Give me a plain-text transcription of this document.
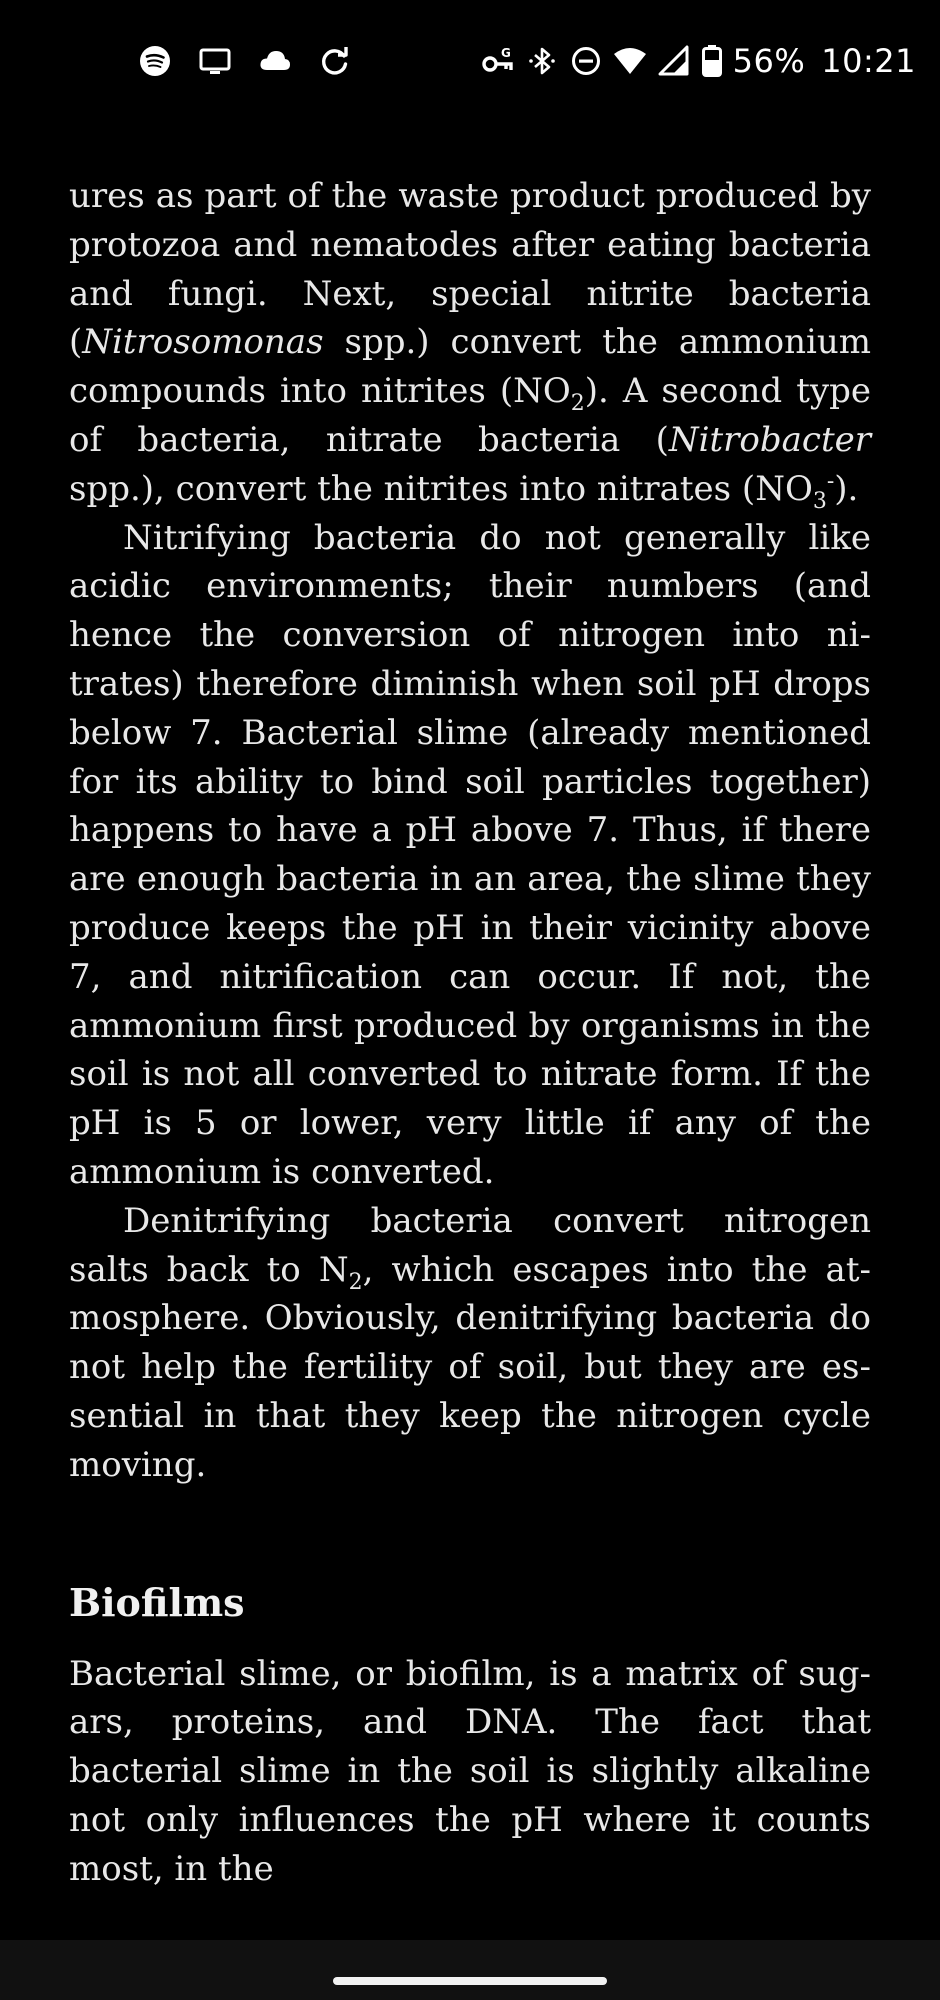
G	56% 10:21

ures as part of the waste product produced by protozoa and nematodes after eating bacteria and fungi. Next, special nitrite bacteria (Nitrosomonas spp.) convert the ammonium compounds into nitrites $(NO_2)$. A second type of bacteria, nitrate bacteria (Nitrobacter spp.), convert the nitrites into nitrates $(NO_3^-)$.

Nitrifying bacteria do not generally like acidic environments; their numbers (and hence the conversion of nitrogen into nitrates) therefore diminish when soil pH drops below 7. Bacterial slime (already mentioned for its ability to bind soil particles together) happens to have a pH above 7. Thus, if there are enough bacteria in an area, the slime they produce keeps the pH in their vicinity above 7, and nitrification can occur. If not, the ammonium first produced by organisms in the soil is not all converted to nitrate form. If the pH is 5 or lower, very little if any of the ammonium is converted.

Denitrifying bacteria convert nitrogen salts back to $N_2$, which escapes into the atmosphere. Obviously, denitrifying bacteria do not help the fertility of soil, but they are essential in that they keep the nitrogen cycle moving.

Biofilms

Bacterial slime, or biofilm, is a matrix of sugars, proteins, and DNA. The fact that bacterial slime in the soil is slightly alkaline not only influences the pH where it counts most, in the
